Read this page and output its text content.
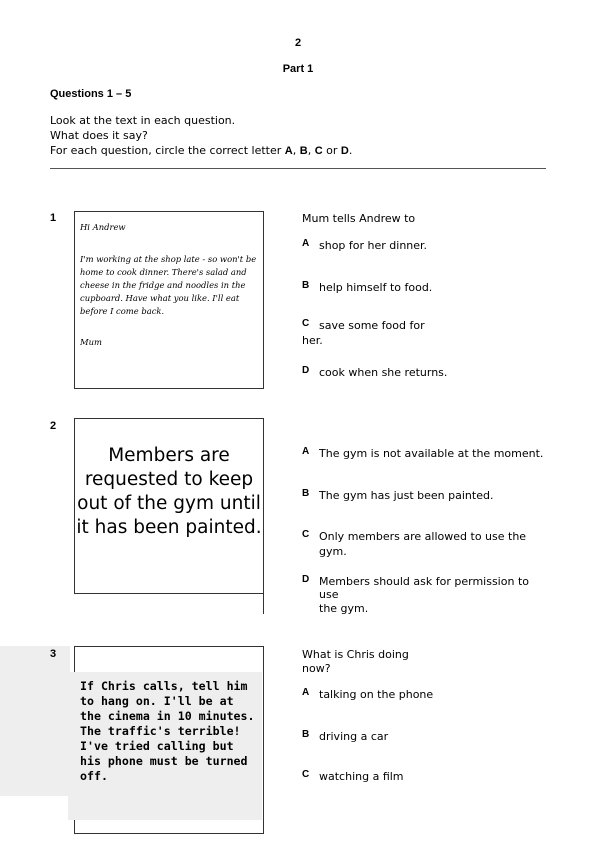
2
Part 1
Questions 1 – 5
Look at the text in each question.
What does it say?
For each question, circle the correct letter A, B, C or D.
1
Hi Andrew
I'm working at the shop late - so won't be home to cook dinner. There's salad and cheese in the fridge and noodles in the cupboard. Have what you like. I'll eat before I come back.
Mum
Mum tells Andrew to
A shop for her dinner.
B help himself to food.
C save some food for
her.
D cook when she returns.
2
Members are requested to keep out of the gym until it has been painted.
A The gym is not available at the moment.
B The gym has just been painted.
C Only members are allowed to use the
gym.
D Members should ask for permission to
use
the gym.
3
If Chris calls, tell him to hang on. I'll be at the cinema in 10 minutes. The traffic's terrible! I've tried calling but his phone must be turned off.
What is Chris doing
now?
A talking on the phone
B driving a car
C watching a film
